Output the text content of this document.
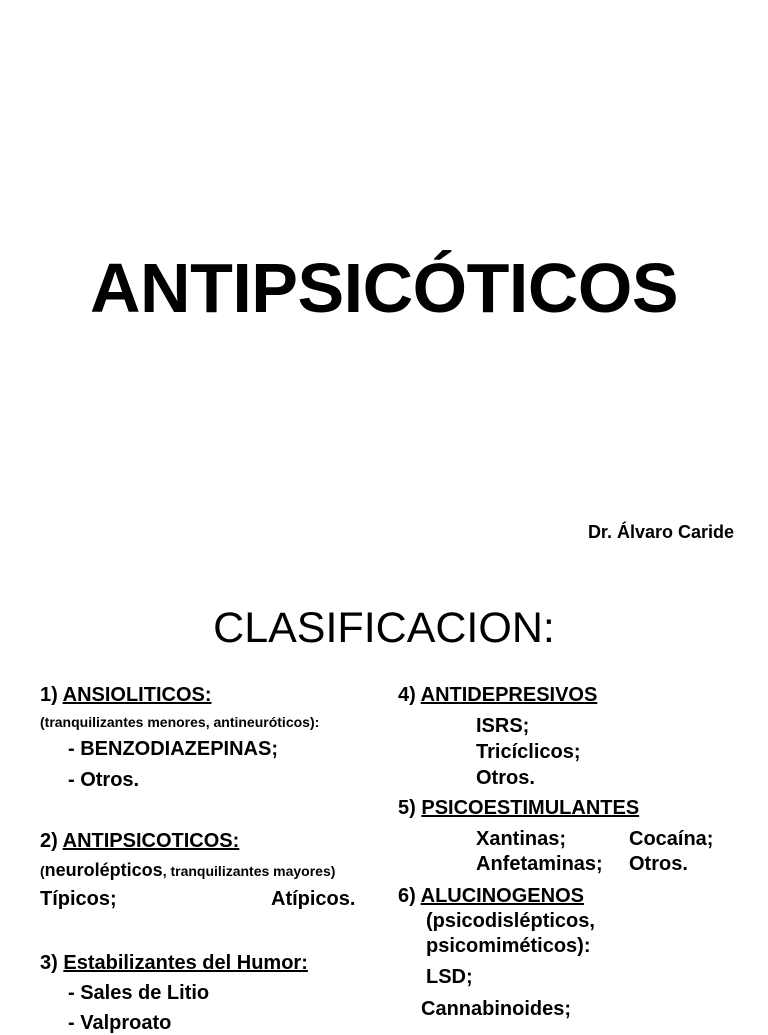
ANTIPSICÓTICOS
Dr. Álvaro Caride
CLASIFICACION:
1) ANSIOLITICOS:
(tranquilizantes menores, antineuróticos):
- BENZODIAZEPINAS;
- Otros.
2) ANTIPSICOTICOS:
(neurolépticos, tranquilizantes mayores)
Típicos;	Atípicos.
3) Estabilizantes del Humor:
- Sales de Litio
- Valproato
4) ANTIDEPRESIVOS
ISRS;
Tricíclicos;
Otros.
5) PSICOESTIMULANTES
Xantinas;	Cocaína;
Anfetaminas; Otros.
6) ALUCINOGENOS
(psicodislépticos,
psicomiméticos):
LSD;
Cannabinoides;
